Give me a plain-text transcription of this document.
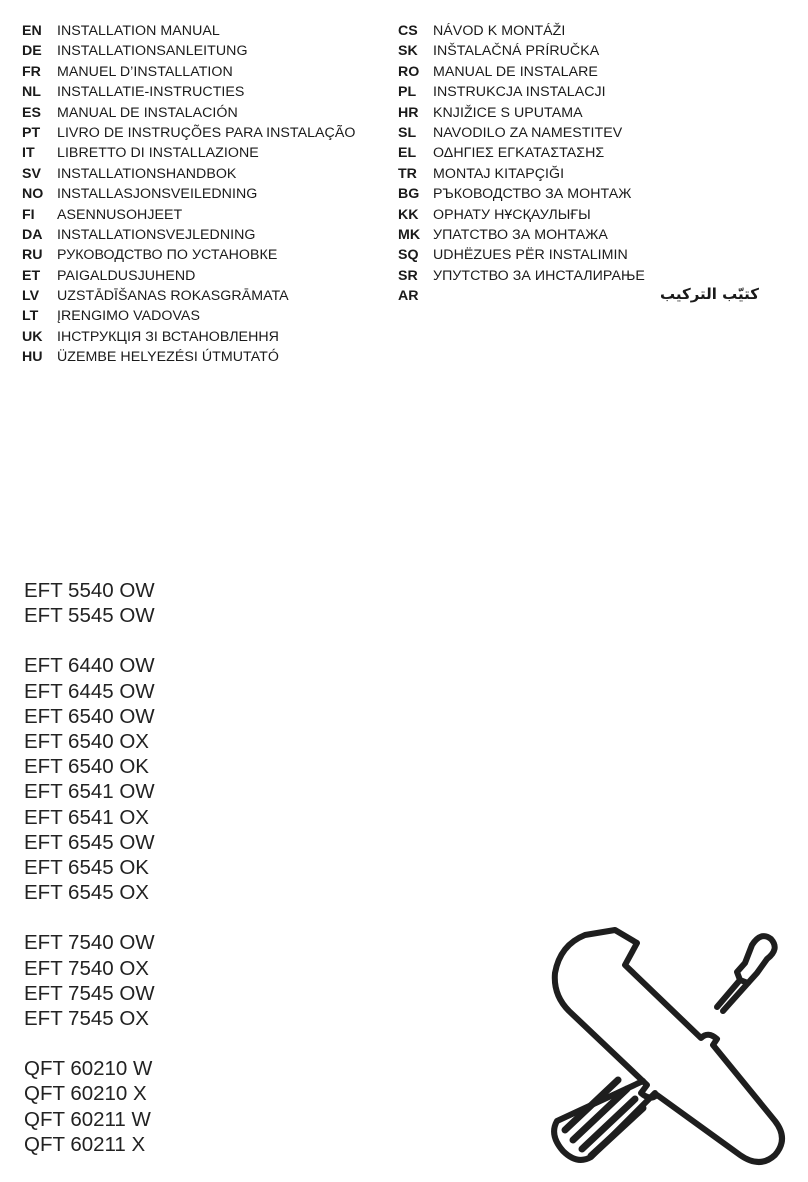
EN	INSTALLATION MANUAL
DE	INSTALLATIONSANLEITUNG
FR	MANUEL D’INSTALLATION
NL	INSTALLATIE-INSTRUCTIES
ES	MANUAL DE INSTALACIÓN
PT	LIVRO DE INSTRUÇÕES PARA INSTALAÇÃO
IT	LIBRETTO DI INSTALLAZIONE
SV	INSTALLATIONSHANDBOK
NO INSTALLASJONSVEILEDNING
FI	ASENNUSOHJEET
DA	INSTALLATIONSVEJLEDNING
RU	РУКОВОДСТВО ПО УСТАНОВКЕ
ET	PAIGALDUSJUHEND
LV	UZSTĀDĪŠANAS ROKASGRĀMATA
LT	ĮRENGIMO VADOVAS
UK	ІНСТРУКЦІЯ ЗІ ВСТАНОВЛЕННЯ
HU	ÜZEMBE HELYEZÉSI ÚTMUTATÓ
CS	NÁVOD K MONTÁŽI
SK	INŠTALAČNÁ PRÍRUČKA
RO MANUAL DE INSTALARE
PL	INSTRUKCJA INSTALACJI
HR	KNJIŽICE S UPUTAMA
SL	NAVODILO ZA NAMESTITEV
EL	ΟΔΗΓΙΕΣ ΕΓΚΑΤΑΣΤΑΣΗΣ
TR	MONTAJ KITAPÇIĞI
BG РЪКОВОДСТВО ЗА МОНТАЖ
KK	ОРНАТУ НҰСҚАУЛЫҒЫ
MK УПАТСТВО ЗА МОНТАЖА
SQ	UDHËZUES PËR INSTALIMIN
SR	УПУТСТВО ЗА ИНСТАЛИРАЊЕ
AR	كتيّب التركيب
EFT 5540 OW
EFT 5545 OW
EFT 6440 OW
EFT 6445 OW
EFT 6540 OW
EFT 6540 OX
EFT 6540 OK
EFT 6541 OW
EFT 6541 OX
EFT 6545 OW
EFT 6545 OK
EFT 6545 OX
EFT 7540 OW
EFT 7540 OX
EFT 7545 OW
EFT 7545 OX
QFT 60210 W
QFT 60210 X
QFT 60211 W
QFT 60211 X
